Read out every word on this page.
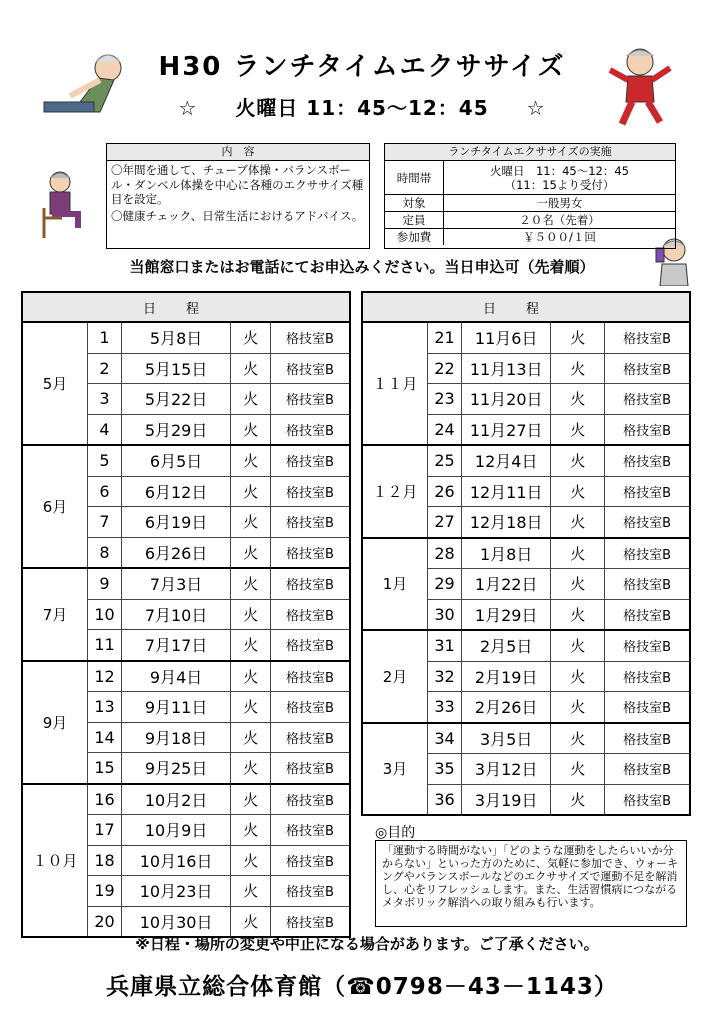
H30 ランチタイムエクササイズ
☆ 火曜日 11：45～12：45 ☆
内　容

〇年間を通して、チューブ体操・バランスボール・ダンベル体操を中心に各種のエクササイズ種目を設定。

〇健康チェック、日常生活におけるアドバイス。

ランチタイムエクササイズの実施
時間帯	火曜日　11：45～12：45
（11：15より受付）

対象	一般男女
定員	２０名（先着）
参加費	￥５００/１回
当館窓口またはお電話にてお申込みください。当日申込可（先着順）
日程				
5月	1	5月8日	火	格技室B
	2	5月15日	火	格技室B
	3	5月22日	火	格技室B
	4	5月29日	火	格技室B
6月	5	6月5日	火	格技室B
	6	6月12日	火	格技室B
	7	6月19日	火	格技室B
	8	6月26日	火	格技室B
7月	9	7月3日	火	格技室B
	10	7月10日	火	格技室B
	11	7月17日	火	格技室B
9月	12	9月4日	火	格技室B
	13	9月11日	火	格技室B
	14	9月18日	火	格技室B
	15	9月25日	火	格技室B
１０月	16	10月2日	火	格技室B
	17	10月9日	火	格技室B
	18	10月16日	火	格技室B
	19	10月23日	火	格技室B
	20	10月30日	火	格技室B
日程				
１１月	21	11月6日	火	格技室B
	22	11月13日	火	格技室B
	23	11月20日	火	格技室B
	24	11月27日	火	格技室B
１２月	25	12月4日	火	格技室B
	26	12月11日	火	格技室B
	27	12月18日	火	格技室B
1月	28	1月8日	火	格技室B
	29	1月22日	火	格技室B
	30	1月29日	火	格技室B
2月	31	2月5日	火	格技室B
	32	2月19日	火	格技室B
	33	2月26日	火	格技室B
3月	34	3月5日	火	格技室B
	35	3月12日	火	格技室B
	36	3月19日	火	格技室B
◎目的
「運動する時間がない」「どのような運動をしたらいいか分からない」といった方のために、気軽に参加でき、ウォーキングやバランスボールなどのエクササイズで運動不足を解消し、心をリフレッシュします。また、生活習慣病につながるメタボリック解消への取り組みも行います。
※日程・場所の変更や中止になる場合があります。ご了承ください。
兵庫県立総合体育館（☎0798－43－1143）
